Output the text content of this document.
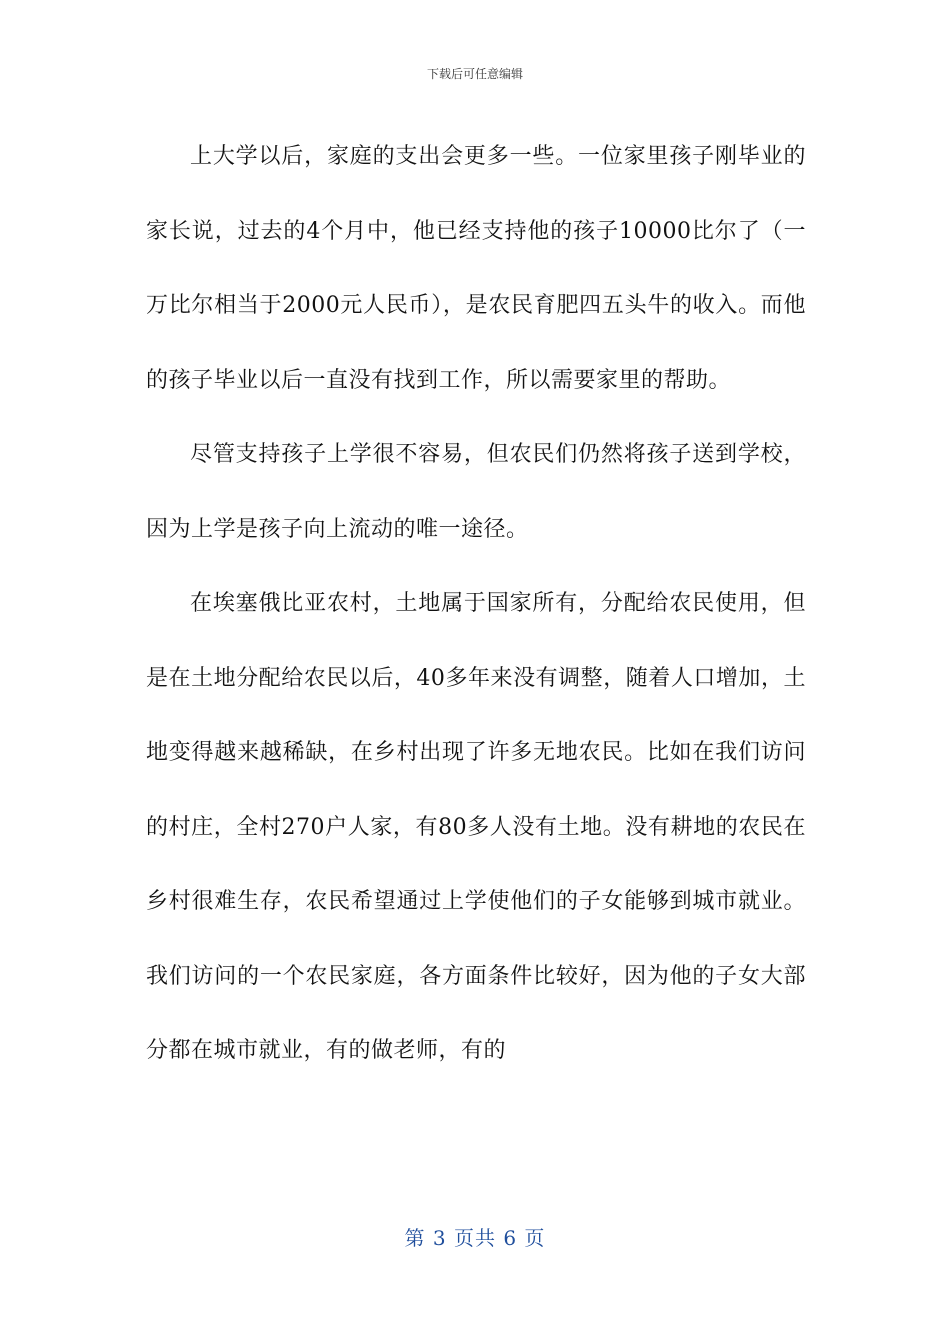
下载后可任意编辑

上大学以后，家庭的支出会更多一些。一位家里孩子刚毕业的家长说，过去的4个月中，他已经支持他的孩子10000比尔了（一万比尔相当于2000元人民币），是农民育肥四五头牛的收入。而他的孩子毕业以后一直没有找到工作，所以需要家里的帮助。

尽管支持孩子上学很不容易，但农民们仍然将孩子送到学校，因为上学是孩子向上流动的唯一途径。

在埃塞俄比亚农村，土地属于国家所有，分配给农民使用，但是在土地分配给农民以后，40多年来没有调整，随着人口增加，土地变得越来越稀缺，在乡村出现了许多无地农民。比如在我们访问的村庄，全村270户人家，有80多人没有土地。没有耕地的农民在乡村很难生存，农民希望通过上学使他们的子女能够到城市就业。我们访问的一个农民家庭，各方面条件比较好，因为他的子女大部分都在城市就业，有的做老师，有的

第 3 页共 6 页
